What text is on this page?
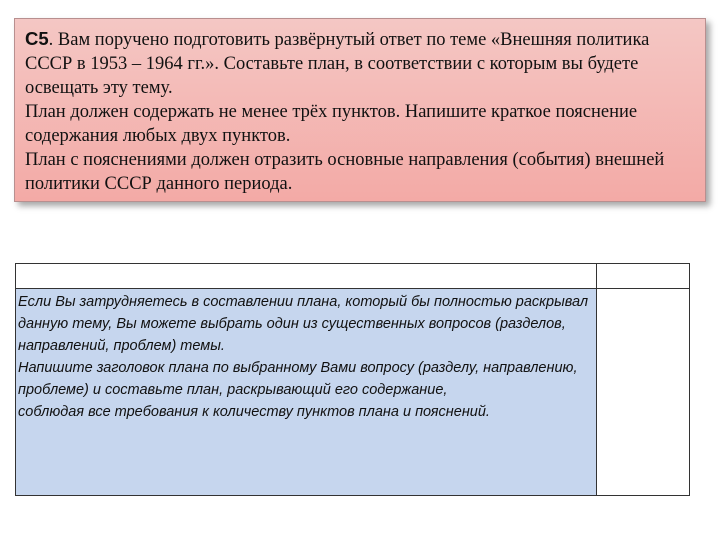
С5. Вам поручено подготовить развёрнутый ответ по теме «Внешняя политика СССР в 1953 – 1964 гг.». Составьте план, в соответствии с которым вы будете освещать эту тему.

План должен содержать не менее трёх пунктов. Напишите краткое пояснение содержания любых двух пунктов.

План с пояснениями должен отразить основные направления (события) внешней политики СССР данного периода.

Если Вы затрудняетесь в составлении плана, который бы полностью раскрывал данную тему, Вы можете выбрать один из существенных вопросов (разделов, направлений, проблем) темы.

Напишите заголовок плана по выбранному Вами вопросу (разделу, направлению, проблеме) и составьте план, раскрывающий его содержание,

соблюдая все требования к количеству пунктов плана и пояснений.	
